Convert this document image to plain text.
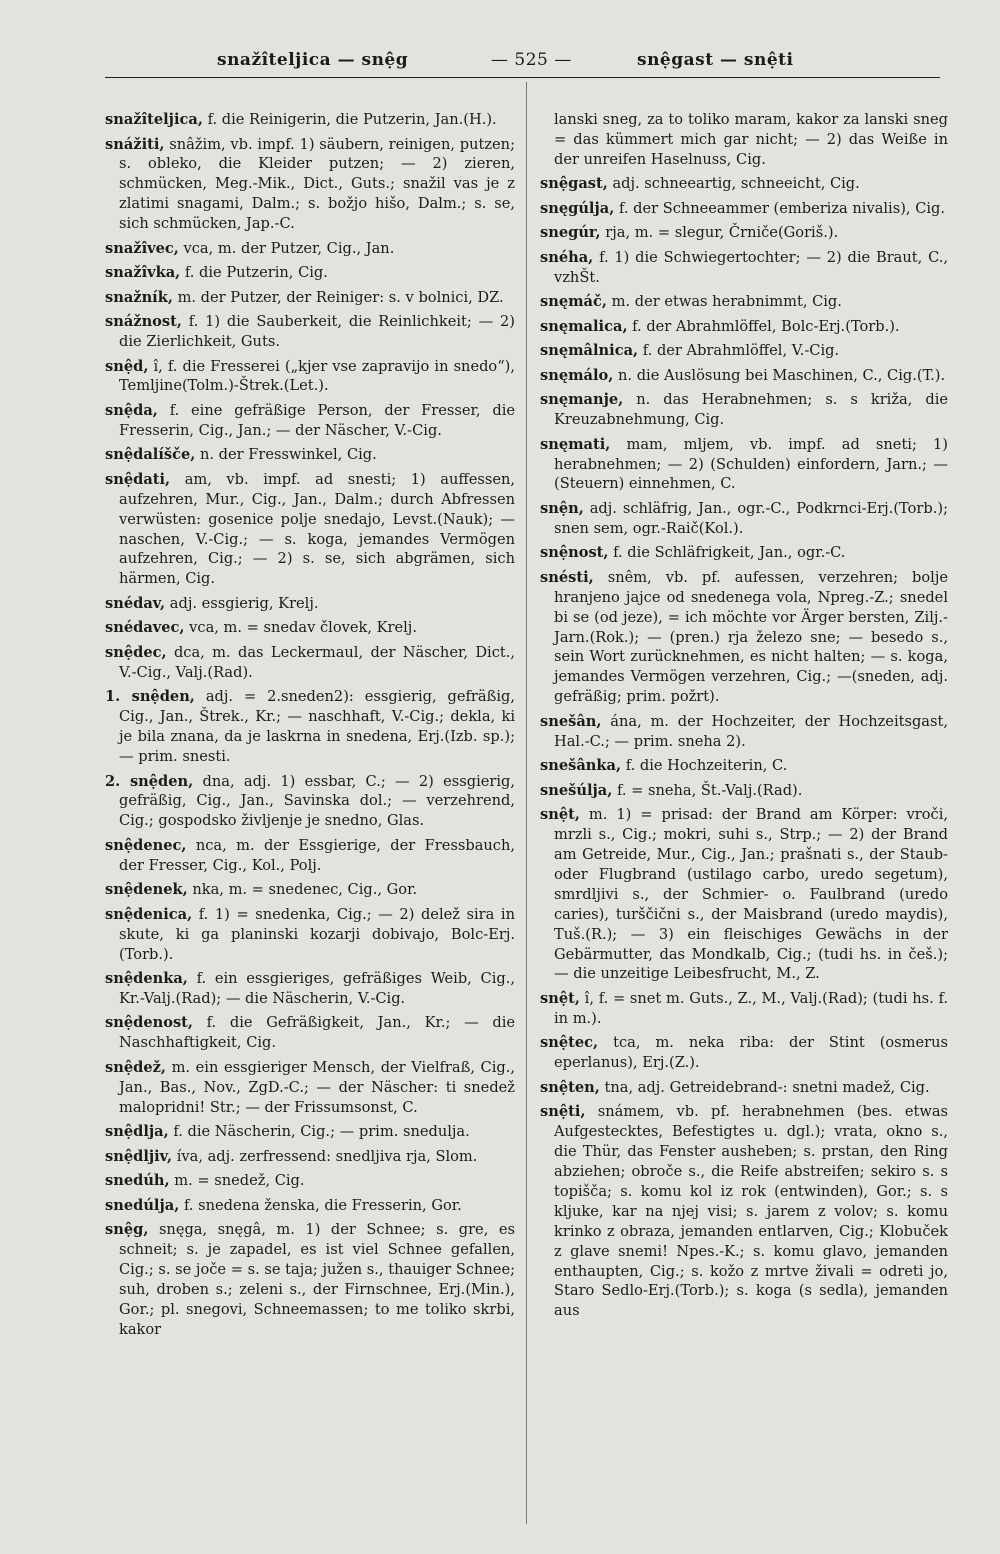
snažîteljica — snệg	— 525 —	snệgast — snệti

snažîteljica, f. die Reinigerin, die Putzerin, Jan.(H.).

snážiti, snâžim, vb. impf. 1) säubern, reinigen, putzen; s. obleko, die Kleider putzen; — 2) zieren, schmücken, Meg.-Mik., Dict., Guts.; snažil vas je z zlatimi snagami, Dalm.; s. božjo hišo, Dalm.; s. se, sich schmücken, Jap.-C.

snažîvec, vca, m. der Putzer, Cig., Jan.

snažîvka, f. die Putzerin, Cig.

snažník, m. der Putzer, der Reiniger: s. v bolnici, DZ.

snážnost, f. 1) die Sauberkeit, die Reinlichkeit; — 2) die Zierlichkeit, Guts.

snệd, î, f. die Fresserei („kjer vse zapravijo in snedo“), Temljine(Tolm.)-Štrek.(Let.).

snệda, f. eine gefräßige Person, der Fresser, die Fresserin, Cig., Jan.; — der Näscher, V.-Cig.

snệdalíšče, n. der Fresswinkel, Cig.

snệdati, am, vb. impf. ad snesti; 1) auffessen, aufzehren, Mur., Cig., Jan., Dalm.; durch Abfressen verwüsten: gosenice polje snedajo, Levst.(Nauk); —naschen, V.-Cig.; — s. koga, jemandes Vermögen aufzehren, Cig.; — 2) s. se, sich abgrämen, sich härmen, Cig.

snédav, adj. essgierig, Krelj.

snédavec, vca, m. = snedav človek, Krelj.

snệdec, dca, m. das Leckermaul, der Näscher, Dict., V.-Cig., Valj.(Rad).

1. snệden, adj. = 2.sneden2): essgierig, gefräßig, Cig., Jan., Štrek., Kr.; — naschhaft, V.-Cig.; dekla, ki je bila znana, da je laskrna in snedena, Erj.(Izb. sp.); — prim. snesti.

2. snệden, dna, adj. 1) essbar, C.; — 2) essgierig, gefräßig, Cig., Jan., Savinska dol.; — verzehrend, Cig.; gospodsko življenje je snedno, Glas.

snệdenec, nca, m. der Essgierige, der Fressbauch, der Fresser, Cig., Kol., Polj.

snệdenek, nka, m. = snedenec, Cig., Gor.

snệdenica, f. 1) = snedenka, Cig.; — 2) delež sira in skute, ki ga planinski kozarji dobivajo, Bolc-Erj.(Torb.).

snệdenka, f. ein essgieriges, gefräßiges Weib, Cig., Kr.-Valj.(Rad); — die Näscherin, V.-Cig.

snệdenost, f. die Gefräßigkeit, Jan., Kr.; — die Naschhaftigkeit, Cig.

snệdež, m. ein essgieriger Mensch, der Vielfraß, Cig., Jan., Bas., Nov., ZgD.-C.; — der Näscher: ti snedež malopridni! Str.; — der Frissumsonst, C.

snệdlja, f. die Näscherin, Cig.; — prim. snedulja.

snệdljiv, íva, adj. zerfressend: snedljiva rja, Slom.

snedúh, m. = snedež, Cig.

snedúlja, f. snedena ženska, die Fresserin, Gor.

snệg, snęga, snęgâ, m. 1) der Schnee; s. gre, es schneit; s. je zapadel, es ist viel Schnee gefallen, Cig.; s. se joče = s. se taja; južen s., thauiger Schnee; suh, droben s.; zeleni s., der Firnschnee, Erj.(Min.), Gor.; pl. snegovi, Schneemassen; to me toliko skrbi, kakor

lanski sneg, za to toliko maram, kakor za lanski sneg = das kümmert mich gar nicht; — 2) das Weiße in der unreifen Haselnuss, Cig.

snệgast, adj. schneeartig, schneeicht, Cig.

snęgúlja, f. der Schneeammer (emberiza nivalis), Cig.

snegúr, rja, m. = slegur, Črniče(Goriš.).

snéha, f. 1) die Schwiegertochter; — 2) die Braut, C., vzhŠt.

snęmáč, m. der etwas herabnimmt, Cig.

snęmalica, f. der Abrahmlöffel, Bolc-Erj.(Torb.).

snęmâlnica, f. der Abrahmlöffel, V.-Cig.

snęmálo, n. die Auslösung bei Maschinen, C., Cig.(T.).

snęmanje, n. das Herabnehmen; s. s križa, die Kreuzabnehmung, Cig.

snęmati, mam, mljem, vb. impf. ad sneti; 1) herabnehmen; — 2) (Schulden) einfordern, Jarn.; — (Steuern) einnehmen, C.

snện, adj. schläfrig, Jan., ogr.-C., Podkrnci-Erj.(Torb.); snen sem, ogr.-Raič(Kol.).

snệnost, f. die Schläfrigkeit, Jan., ogr.-C.

snésti, snêm, vb. pf. aufessen, verzehren; bolje hranjeno jajce od snedenega vola, Npreg.-Z.; snedel bi se (od jeze), = ich möchte vor Ärger bersten, Zilj.-Jarn.(Rok.); — (pren.) rja železo sne; — besedo s., sein Wort zurücknehmen, es nicht halten; — s. koga, jemandes Vermögen verzehren, Cig.; —(sneden, adj. gefräßig; prim. požrt).

snešân, ána, m. der Hochzeiter, der Hochzeitsgast, Hal.-C.; — prim. sneha 2).

snešânka, f. die Hochzeiterin, C.

snešúlja, f. = sneha, Št.-Valj.(Rad).

snệt, m. 1) = prisad: der Brand am Körper: vroči, mrzli s., Cig.; mokri, suhi s., Strp.; — 2) der Brand am Getreide, Mur., Cig., Jan.; prašnati s., der Staub- oder Flugbrand (ustilago carbo, uredo segetum), smrdljivi s., der Schmier- o. Faulbrand (uredo caries), turščični s., der Maisbrand (uredo maydis), Tuš.(R.); — 3) ein fleischiges Gewächs in der Gebärmutter, das Mondkalb, Cig.; (tudi hs. in češ.); — die unzeitige Leibesfrucht, M., Z.

snệt, î, f. = snet m. Guts., Z., M., Valj.(Rad); (tudi hs. f. in m.).

snệtec, tca, m. neka riba: der Stint (osmerus eperlanus), Erj.(Z.).

snệten, tna, adj. Getreidebrand-: snetni madež, Cig.

snệti, snámem, vb. pf. herabnehmen (bes. etwas Aufgestecktes, Befestigtes u. dgl.); vrata, okno s., die Thür, das Fenster ausheben; s. prstan, den Ring abziehen; obroče s., die Reife abstreifen; sekiro s. s topišča; s. komu kol iz rok (entwinden), Gor.; s. s kljuke, kar na njej visi; s. jarem z volov; s. komu krinko z obraza, jemanden entlarven, Cig.; Klobuček z glave snemi! Npes.-K.; s. komu glavo, jemanden enthaupten, Cig.; s. kožo z mrtve živali = odreti jo, Staro Sedlo-Erj.(Torb.); s. koga (s sedla), jemanden aus
